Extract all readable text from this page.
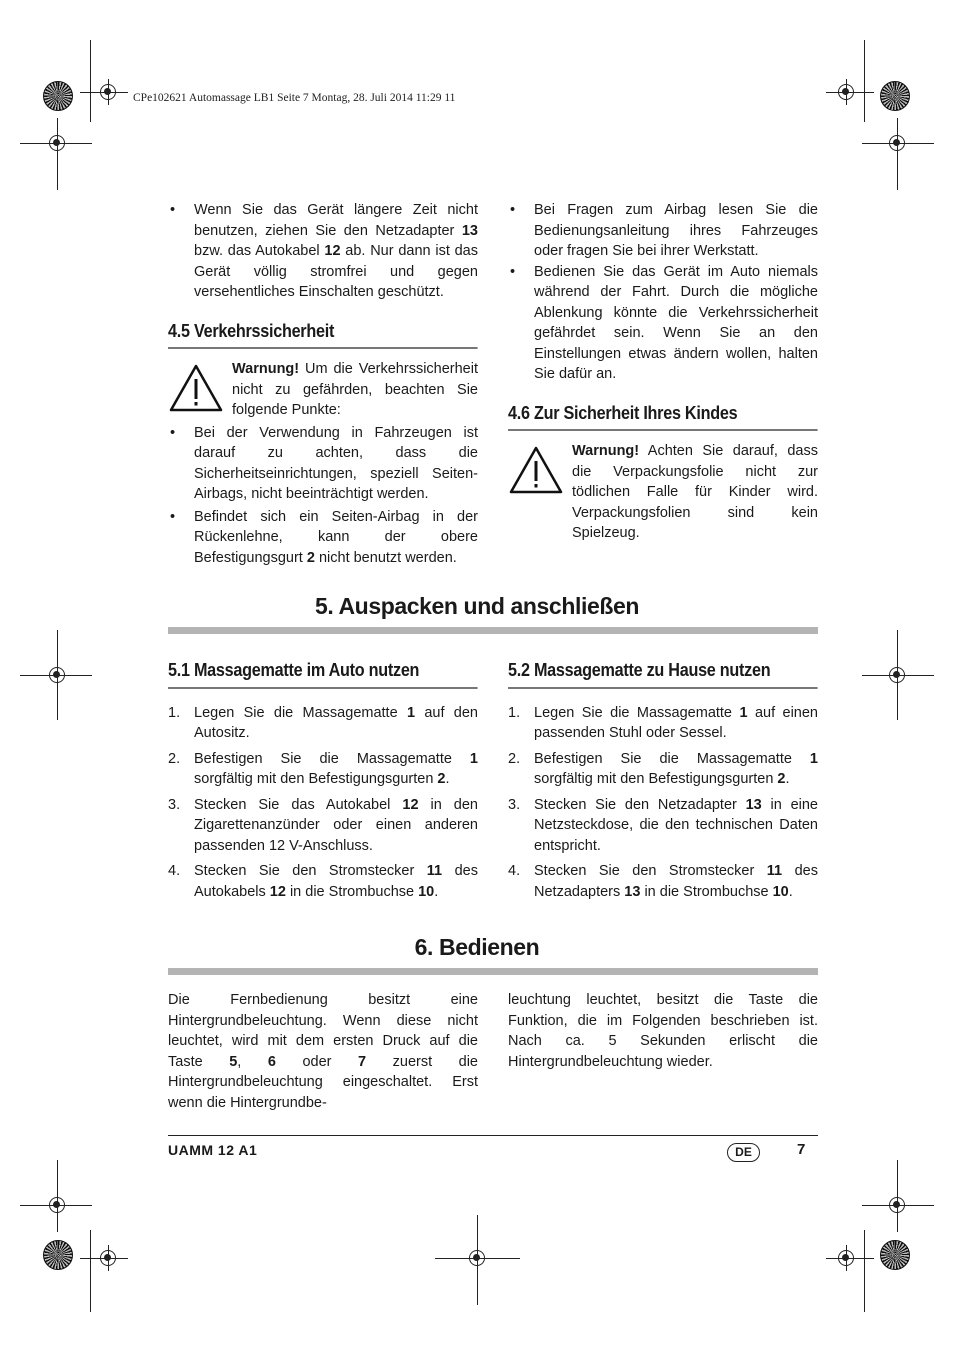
CPe102621 Automassage LB1 Seite 7 Montag, 28. Juli 2014 11:29 11

• Wenn Sie das Gerät längere Zeit nicht benutzen, ziehen Sie den Netzadapter 13 bzw. das Autokabel 12 ab. Nur dann ist das Gerät völlig stromfrei und gegen versehentliches Einschalten geschützt.

4.5 Verkehrssicherheit
Warnung! Um die Verkehrssicherheit nicht zu gefährden, beachten Sie folgende Punkte:

• Bei der Verwendung in Fahrzeugen ist darauf zu achten, dass die Sicherheitseinrichtungen, speziell Seiten-Airbags, nicht beeinträchtigt werden.

• Befindet sich ein Seiten-Airbag in der Rückenlehne, kann der obere Befestigungsgurt 2 nicht benutzt werden.

• Bei Fragen zum Airbag lesen Sie die Bedienungsanleitung ihres Fahrzeuges oder fragen Sie bei ihrer Werkstatt.

• Bedienen Sie das Gerät im Auto niemals während der Fahrt. Durch die mögliche Ablenkung könnte die Verkehrssicherheit gefährdet sein. Wenn Sie an den Einstellungen etwas ändern wollen, halten Sie dafür an.

4.6 Zur Sicherheit Ihres Kindes
Warnung! Achten Sie darauf, dass die Verpackungsfolie nicht zur tödlichen Falle für Kinder wird. Verpackungsfolien sind kein Spielzeug.
5. Auspacken und anschließen
5.1 Massagematte im Auto nutzen

1. Legen Sie die Massagematte 1 auf den Autositz.

2. Befestigen Sie die Massagematte 1 sorgfältig mit den Befestigungsgurten 2.

3. Stecken Sie das Autokabel 12 in den Zigarettenanzünder oder einen anderen passenden 12 V-Anschluss.

4. Stecken Sie den Stromstecker 11 des Autokabels 12 in die Strombuchse 10.

5.2 Massagematte zu Hause nutzen

1. Legen Sie die Massagematte 1 auf einen passenden Stuhl oder Sessel.

2. Befestigen Sie die Massagematte 1 sorgfältig mit den Befestigungsgurten 2.

3. Stecken Sie den Netzadapter 13 in eine Netzsteckdose, die den technischen Daten entspricht.

4. Stecken Sie den Stromstecker 11 des Netzadapters 13 in die Strombuchse 10.

6. Bedienen

Die Fernbedienung besitzt eine Hintergrundbeleuchtung. Wenn diese nicht leuchtet, wird mit dem ersten Druck auf die Taste 5, 6 oder 7 zuerst die Hintergrundbeleuchtung eingeschaltet. Erst wenn die Hintergrundbe-

leuchtung leuchtet, besitzt die Taste die Funktion, die im Folgenden beschrieben ist. Nach ca. 5 Sekunden erlischt die Hintergrundbeleuchtung wieder.

UAMM 12 A1	DE	7
